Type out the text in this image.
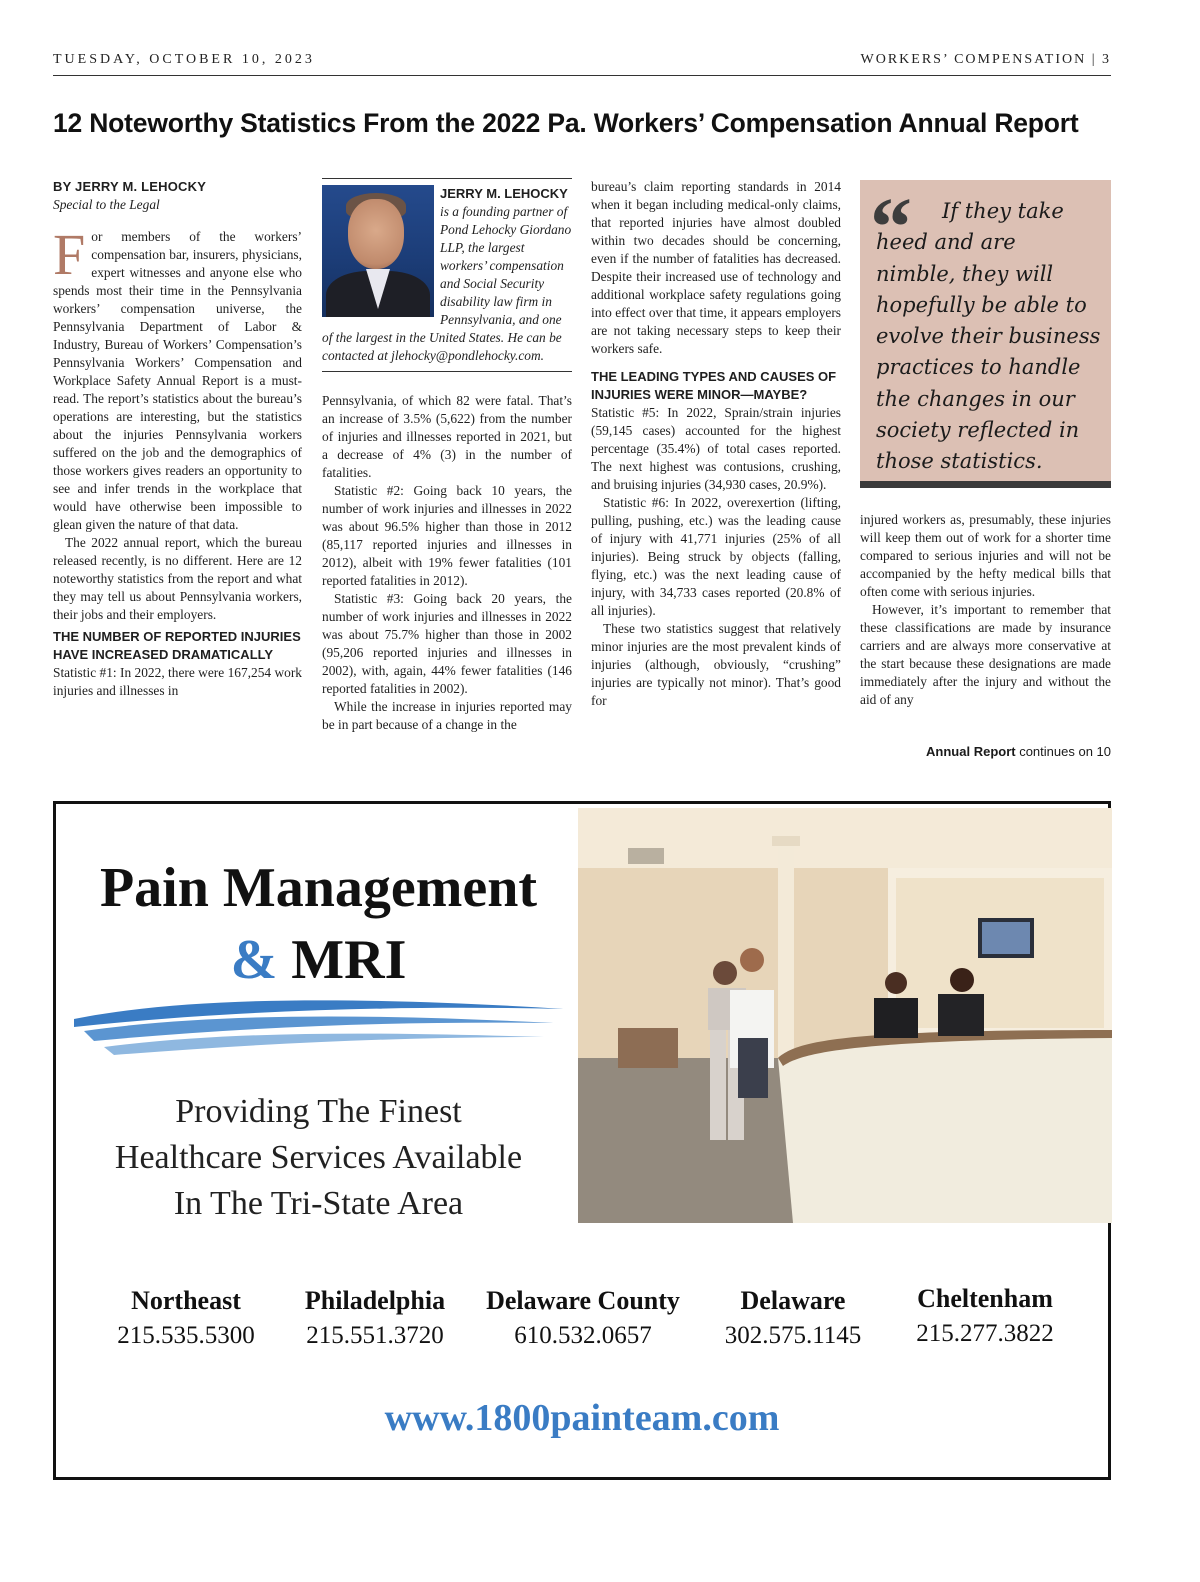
TUESDAY, OCTOBER 10, 2023	WORKERS’ COMPENSATION | 3
12 Noteworthy Statistics From the 2022 Pa. Workers’ Compensation Annual Report
BY JERRY M. LEHOCKY
Special to the Legal

For members of the workers’ compensation bar, insurers, physicians, expert witnesses and anyone else who spends most their time in the Pennsylvania workers’ compensation universe, the Pennsylvania Department of Labor & Industry, Bureau of Workers’ Compensation’s Pennsylvania Workers’ Compensation and Workplace Safety Annual Report is a must-read. The report’s statistics about the bureau’s operations are interesting, but the statistics about the injuries Pennsylvania workers suffered on the job and the demographics of those workers gives readers an opportunity to see and infer trends in the workplace that would have otherwise been impossible to glean given the nature of that data.

The 2022 annual report, which the bureau released recently, is no different. Here are 12 noteworthy statistics from the report and what they may tell us about Pennsylvania workers, their jobs and their employers.

THE NUMBER OF REPORTED INJURIES HAVE INCREASED DRAMATICALLY

Statistic #1: In 2022, there were 167,254 work injuries and illnesses in

JERRY M. LEHOCKY is a founding partner of Pond Lehocky Giordano LLP, the largest workers’ compensation and Social Security disability law firm in Pennsylvania, and one of the largest in the United States. He can be contacted at jlehocky@pondlehocky.com.

Pennsylvania, of which 82 were fatal. That’s an increase of 3.5% (5,622) from the number of injuries and illnesses reported in 2021, but a decrease of 4% (3) in the number of fatalities.

Statistic #2: Going back 10 years, the number of work injuries and illnesses in 2022 was about 96.5% higher than those in 2012 (85,117 reported injuries and illnesses in 2012), albeit with 19% fewer fatalities (101 reported fatalities in 2012).

Statistic #3: Going back 20 years, the number of work injuries and illnesses in 2022 was about 75.7% higher than those in 2002 (95,206 reported injuries and illnesses in 2002), with, again, 44% fewer fatalities (146 reported fatalities in 2002).

While the increase in injuries reported may be in part because of a change in the

bureau’s claim reporting standards in 2014 when it began including medical-only claims, that reported injuries have almost doubled within two decades should be concerning, even if the number of fatalities has decreased. Despite their increased use of technology and additional workplace safety regulations going into effect over that time, it appears employers are not taking necessary steps to keep their workers safe.

THE LEADING TYPES AND CAUSES OF INJURIES WERE MINOR—MAYBE?

Statistic #5: In 2022, Sprain/strain injuries (59,145 cases) accounted for the highest percentage (35.4%) of total cases reported. The next highest was contusions, crushing, and bruising injuries (34,930 cases, 20.9%).

Statistic #6: In 2022, overexertion (lifting, pulling, pushing, etc.) was the leading cause of injury with 41,771 injuries (25% of all injuries). Being struck by objects (falling, flying, etc.) was the next leading cause of injury, with 34,733 cases reported (20.8% of all injuries).

These two statistics suggest that relatively minor injuries are the most prevalent kinds of injuries (although, obviously, “crushing” injuries are typically not minor). That’s good for

“	If they take heed and are nimble, they will hopefully be able to evolve their business practices to handle the changes in our society reflected in those statistics.

injured workers as, presumably, these injuries will keep them out of work for a shorter time compared to serious injuries and will not be accompanied by the hefty medical bills that often come with serious injuries.

However, it’s important to remember that these classifications are made by insurance carriers and are always more conservative at the start because these designations are made immediately after the injury and without the aid of any

Annual Report continues on 10
Pain Management
& MRI
Providing The Finest
Healthcare Services Available
In The Tri-State Area
Northeast
215.535.5300
Philadelphia
215.551.3720
Delaware County
610.532.0657
Delaware
302.575.1145
Cheltenham
215.277.3822
www.1800painteam.com
